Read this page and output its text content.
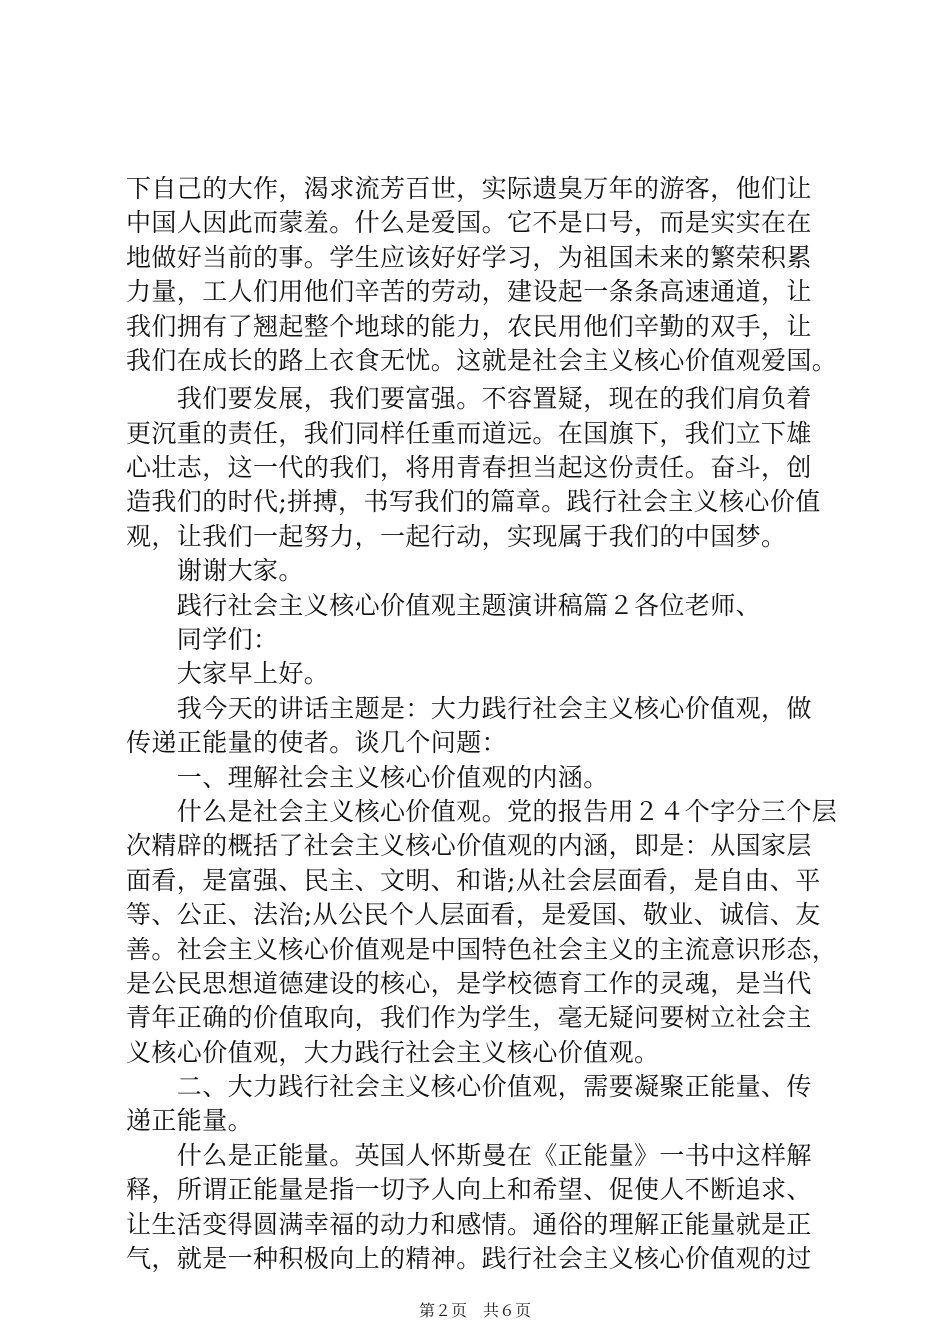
下自己的大作，渴求流芳百世，实际遗臭万年的游客，他们让
中国人因此而蒙羞。什么是爱国。它不是口号，而是实实在在
地做好当前的事。学生应该好好学习，为祖国未来的繁荣积累
力量，工人们用他们辛苦的劳动，建设起一条条高速通道，让
我们拥有了翘起整个地球的能力，农民用他们辛勤的双手，让
我们在成长的路上衣食无忧。这就是社会主义核心价值观爱国。
　　我们要发展，我们要富强。不容置疑，现在的我们肩负着
更沉重的责任，我们同样任重而道远。在国旗下，我们立下雄
心壮志，这一代的我们，将用青春担当起这份责任。奋斗，创
造我们的时代;拼搏，书写我们的篇章。践行社会主义核心价值
观，让我们一起努力，一起行动，实现属于我们的中国梦。
　　谢谢大家。
　　践行社会主义核心价值观主题演讲稿篇２各位老师、
　　同学们：
　　大家早上好。
　　我今天的讲话主题是：大力践行社会主义核心价值观，做
传递正能量的使者。谈几个问题：
　　一、理解社会主义核心价值观的内涵。
　　什么是社会主义核心价值观。党的报告用２４个字分三个层
次精辟的概括了社会主义核心价值观的内涵，即是：从国家层
面看，是富强、民主、文明、和谐;从社会层面看，是自由、平
等、公正、法治;从公民个人层面看，是爱国、敬业、诚信、友
善。社会主义核心价值观是中国特色社会主义的主流意识形态，
是公民思想道德建设的核心，是学校德育工作的灵魂，是当代
青年正确的价值取向，我们作为学生，毫无疑问要树立社会主
义核心价值观，大力践行社会主义核心价值观。
　　二、大力践行社会主义核心价值观，需要凝聚正能量、传
递正能量。
　　什么是正能量。英国人怀斯曼在《正能量》一书中这样解
释，所谓正能量是指一切予人向上和希望、促使人不断追求、
让生活变得圆满幸福的动力和感情。通俗的理解正能量就是正
气，就是一种积极向上的精神。践行社会主义核心价值观的过
第２页　共６页
